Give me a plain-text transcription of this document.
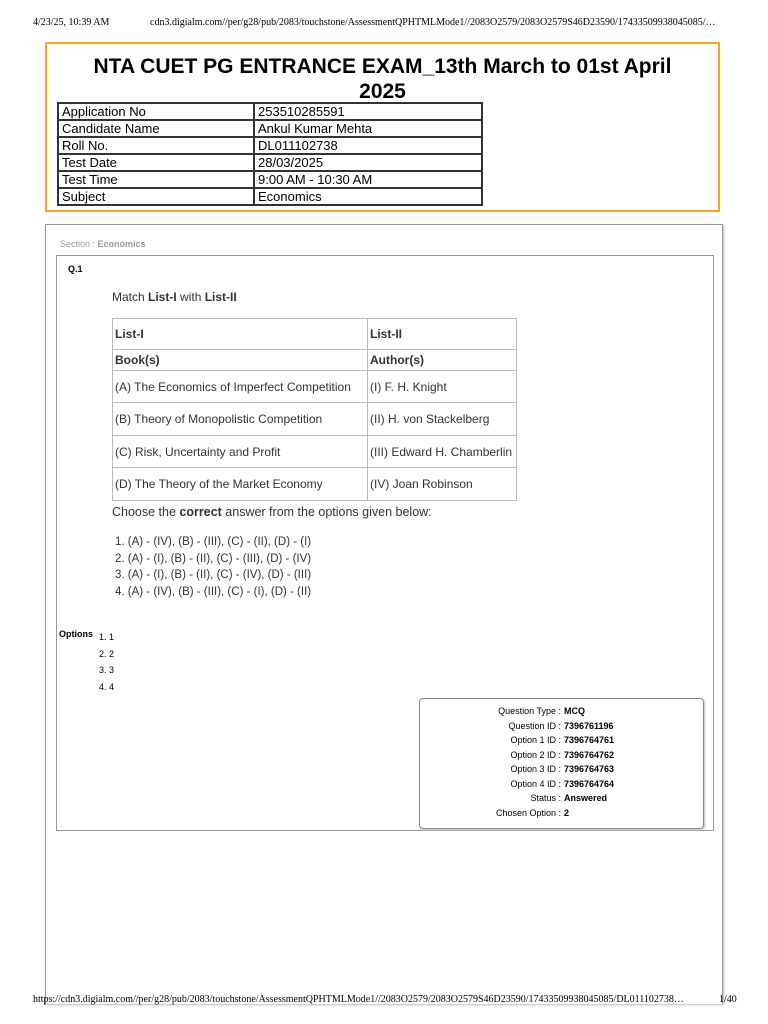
4/23/25, 10:39 AM	cdn3.digialm.com//per/g28/pub/2083/touchstone/AssessmentQPHTMLMode1//2083O2579/2083O2579S46D23590/17433509938045085/…
NTA CUET PG ENTRANCE EXAM_13th March to 01st April 2025
Application No	253510285591
Candidate Name	Ankul Kumar Mehta
Roll No.	DL011102738
Test Date	28/03/2025
Test Time	9:00 AM - 10:30 AM
Subject	Economics
Section : Economics
Q.1
Match List-I with List-II
List-I	List-II
Book(s)	Author(s)
(A) The Economics of Imperfect Competition	(I) F. H. Knight
(B) Theory of Monopolistic Competition	(II) H. von Stackelberg
(C) Risk, Uncertainty and Profit	(III) Edward H. Chamberlin
(D) The Theory of the Market Economy	(IV) Joan Robinson
Choose the correct answer from the options given below:
1. (A) - (IV), (B) - (III), (C) - (II), (D) - (I)
2. (A) - (I), (B) - (II), (C) - (III), (D) - (IV)
3. (A) - (I), (B) - (II), (C) - (IV), (D) - (III)
4. (A) - (IV), (B) - (III), (C) - (I), (D) - (II)
Options 1. 1
2. 2
3. 3
4. 4
Question Type : MCQ
Question ID : 7396761196
Option 1 ID : 7396764761
Option 2 ID : 7396764762
Option 3 ID : 7396764763
Option 4 ID : 7396764764
Status : Answered
Chosen Option : 2
https://cdn3.digialm.com//per/g28/pub/2083/touchstone/AssessmentQPHTMLMode1//2083O2579/2083O2579S46D23590/17433509938045085/DL011102738…	1/40
